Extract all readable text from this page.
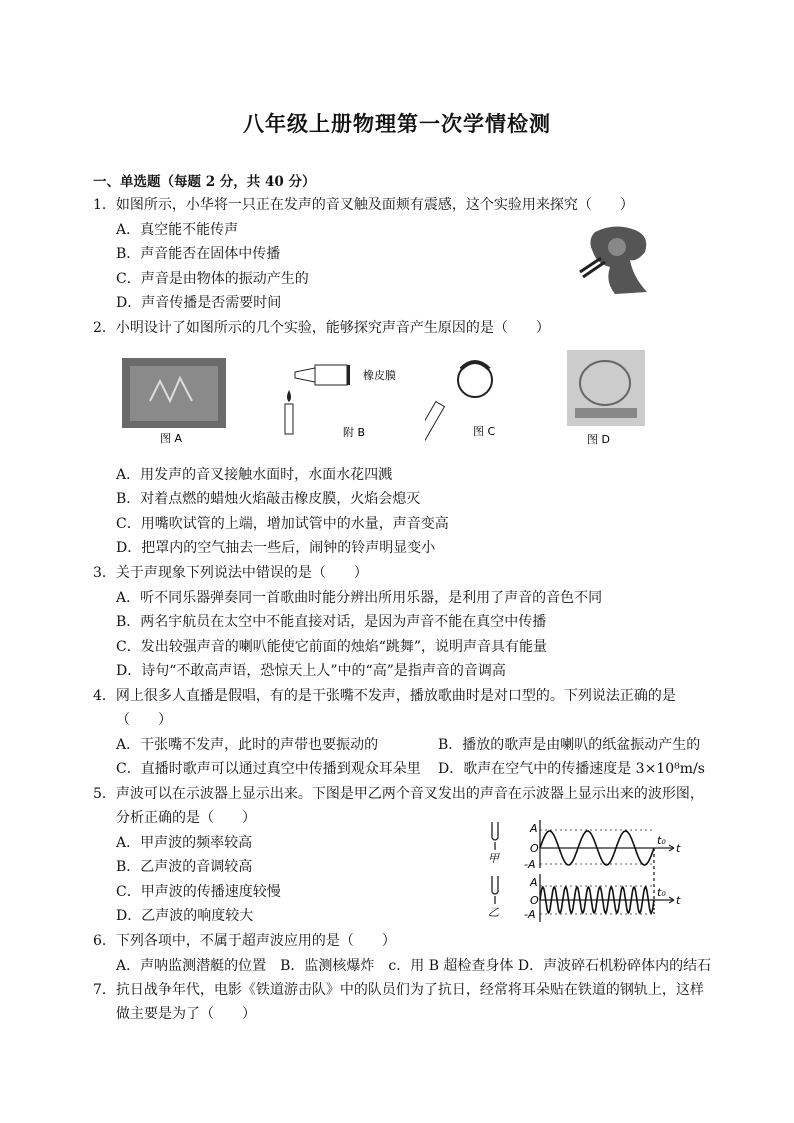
八年级上册物理第一次学情检测
一、单选题（每题 2 分，共 40 分）
1．如图所示，小华将一只正在发声的音叉触及面颊有震感，这个实验用来探究（　　）
A．真空能不能传声
B．声音能否在固体中传播
C．声音是由物体的振动产生的
D．声音传播是否需要时间
2．小明设计了如图所示的几个实验，能够探究声音产生原因的是（　　）
图 A
橡皮膜
附 B	图 C
图 D
A．用发声的音叉接触水面时，水面水花四溅
B．对着点燃的蜡烛火焰敲击橡皮膜，火焰会熄灭
C．用嘴吹试管的上端，增加试管中的水量，声音变高
D．把罩内的空气抽去一些后，闹钟的铃声明显变小
3．关于声现象下列说法中错误的是（　　）
A．听不同乐器弹奏同一首歌曲时能分辨出所用乐器，是利用了声音的音色不同
B．两名宇航员在太空中不能直接对话，是因为声音不能在真空中传播
C．发出较强声音的喇叭能使它前面的烛焰“跳舞”，说明声音具有能量
D．诗句“不敢高声语，恐惊天上人”中的“高”是指声音的音调高
4．网上很多人直播是假唱，有的是干张嘴不发声，播放歌曲时是对口型的。下列说法正确的是
（　　）
A．干张嘴不发声，此时的声带也要振动的	B．播放的歌声是由喇叭的纸盆振动产生的
C．直播时歌声可以通过真空中传播到观众耳朵里 D．歌声在空气中的传播速度是 3×10⁸m/s
5．声波可以在示波器上显示出来。下图是甲乙两个音叉发出的声音在示波器上显示出来的波形图，
分析正确的是（　　）
A．甲声波的频率较高
B．乙声波的音调较高
C．甲声波的传播速度较慢
D．乙声波的响度较大
A
O
-A
A
O
-A
t₀
t
t₀
t
甲
乙
6．下列各项中，不属于超声波应用的是（　　）
A．声呐监测潜艇的位置　B．监测核爆炸　c．用 B 超检查身体 D．声波碎石机粉碎体内的结石
7．抗日战争年代，电影《铁道游击队》中的队员们为了抗日，经常将耳朵贴在铁道的钢轨上，这样
做主要是为了（　　）
